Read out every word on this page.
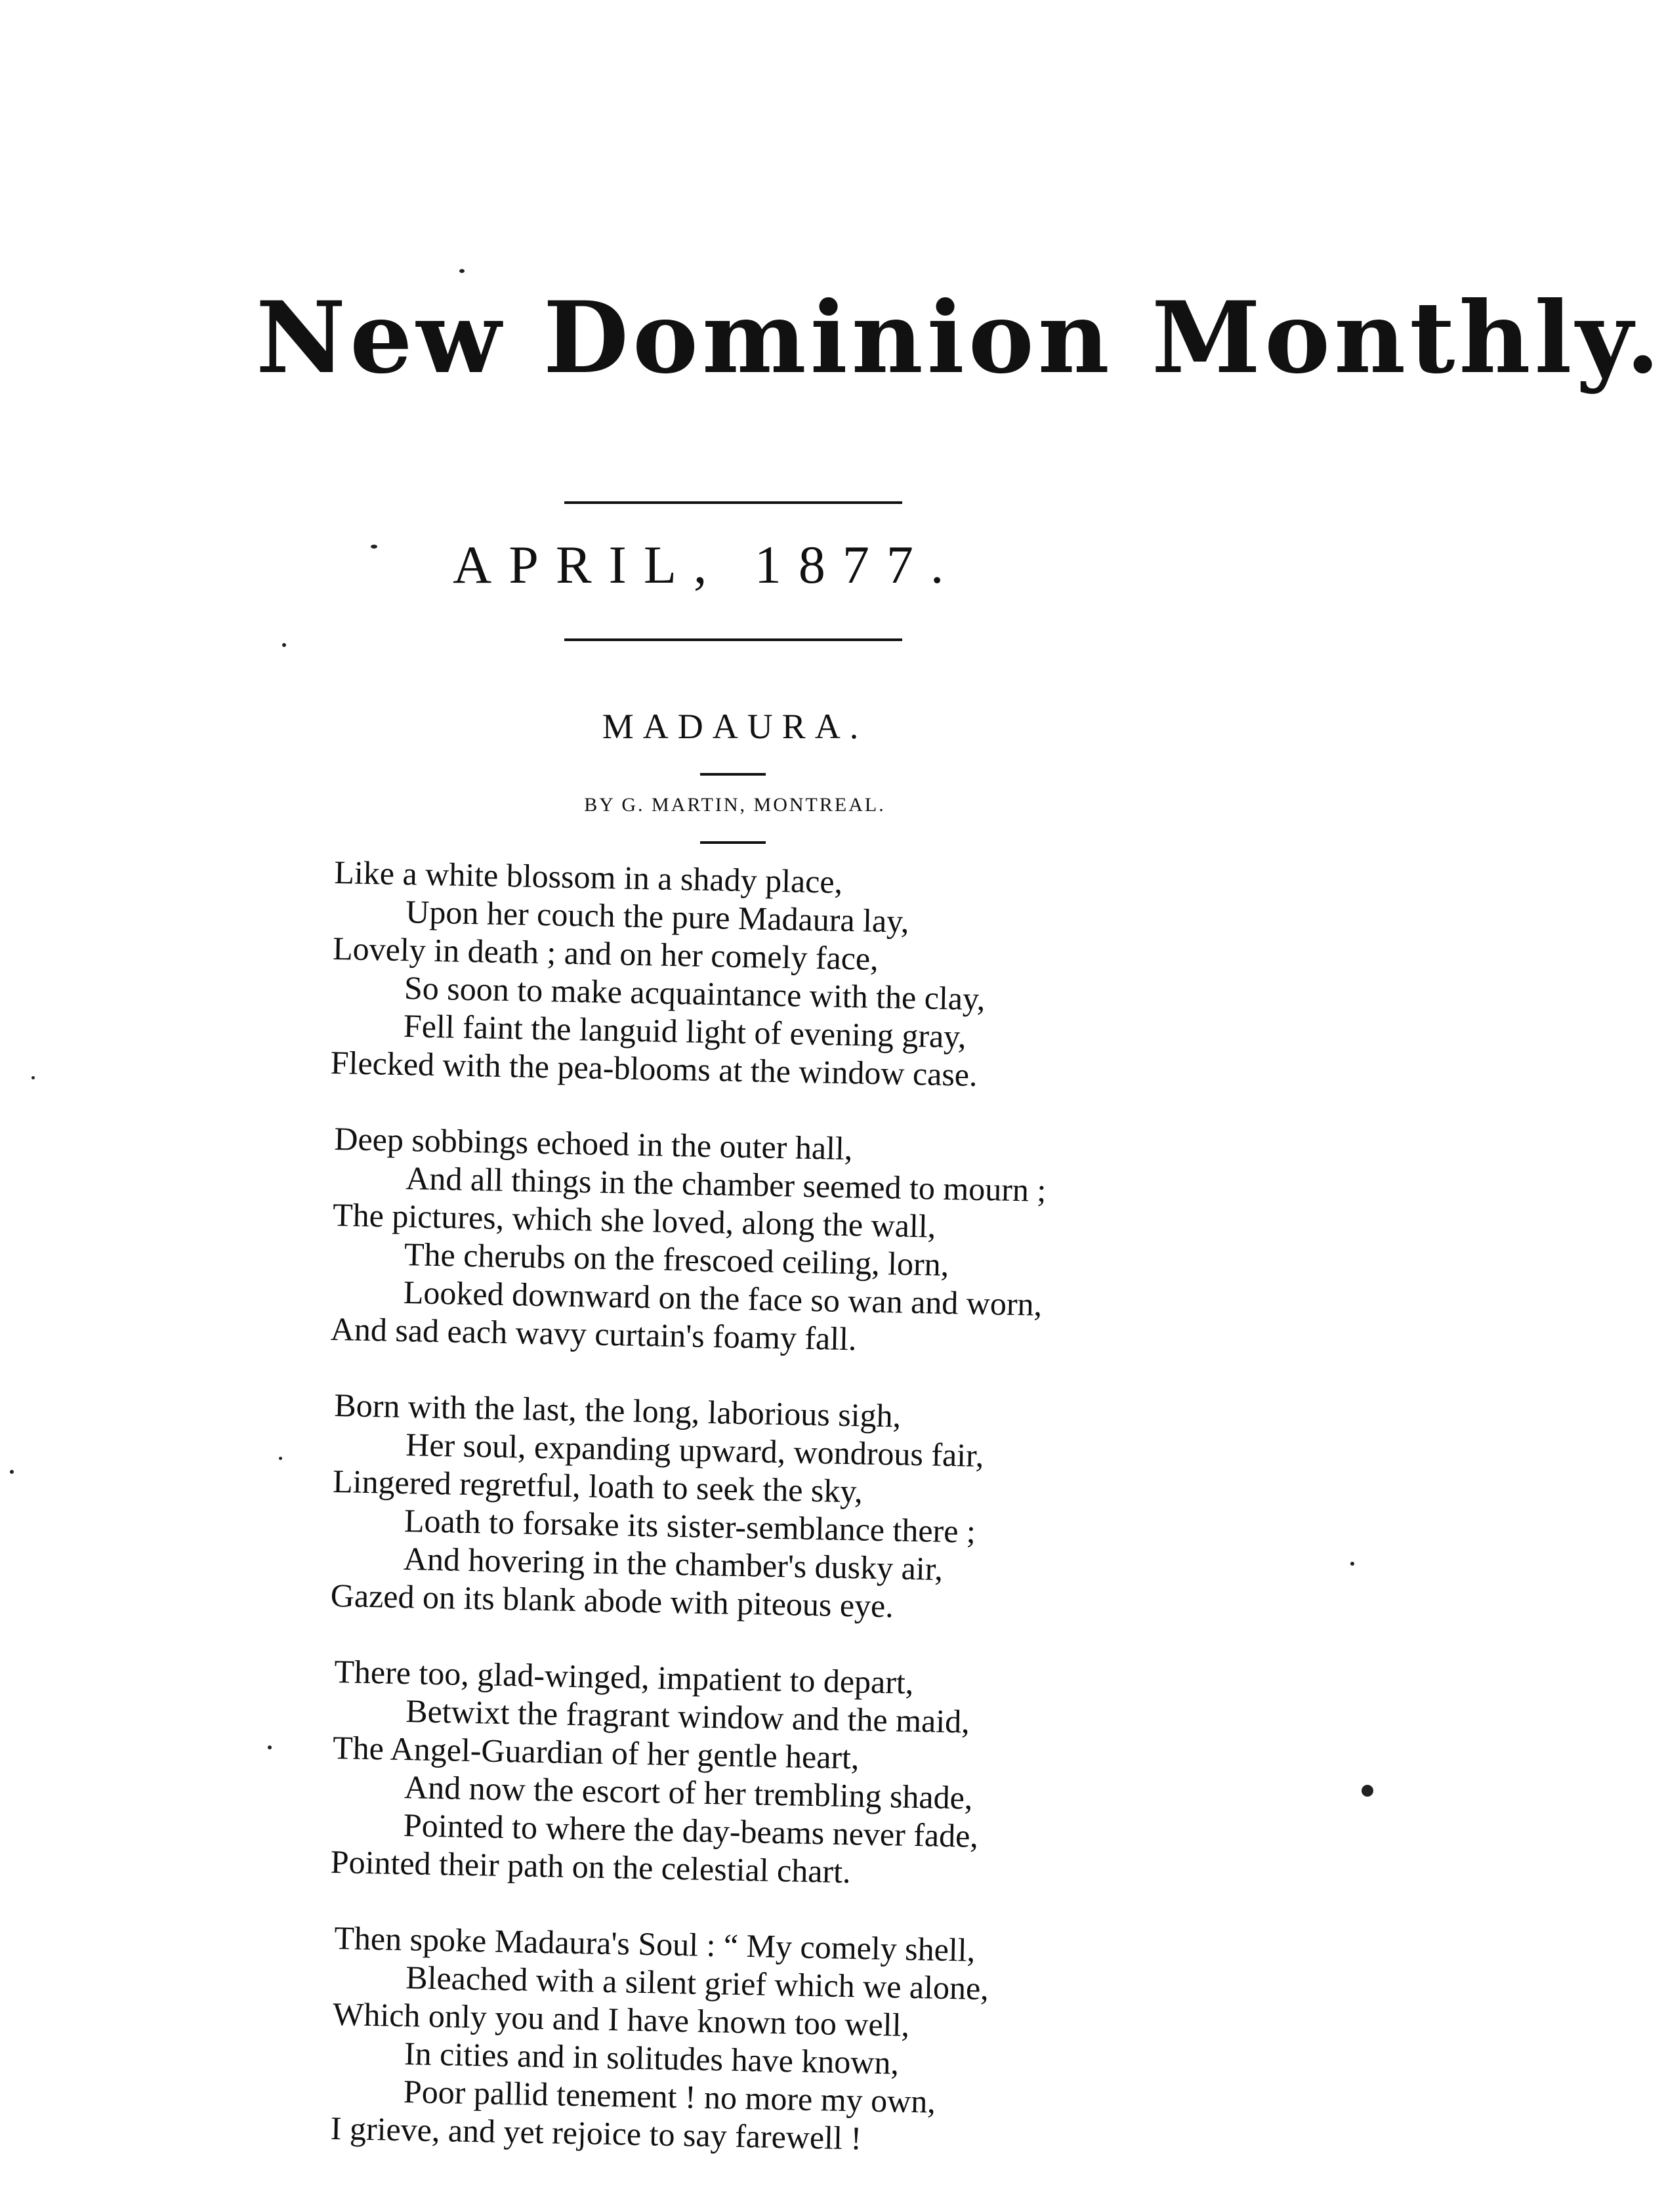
New Dominion Monthly.
APRIL, 1877.
MADAURA.
BY G. MARTIN, MONTREAL.
Like a white blossom in a shady place,
Upon her couch the pure Madaura lay,
Lovely in death ; and on her comely face,
So soon to make acquaintance with the clay,
Fell faint the languid light of evening gray,
Flecked with the pea-blooms at the window case.
Deep sobbings echoed in the outer hall,
And all things in the chamber seemed to mourn ;
The pictures, which she loved, along the wall,
The cherubs on the frescoed ceiling, lorn,
Looked downward on the face so wan and worn,
And sad each wavy curtain's foamy fall.
Born with the last, the long, laborious sigh,
Her soul, expanding upward, wondrous fair,
Lingered regretful, loath to seek the sky,
Loath to forsake its sister-semblance there ;
And hovering in the chamber's dusky air,
Gazed on its blank abode with piteous eye.
There too, glad-winged, impatient to depart,
Betwixt the fragrant window and the maid,
The Angel-Guardian of her gentle heart,
And now the escort of her trembling shade,
Pointed to where the day-beams never fade,
Pointed their path on the celestial chart.
Then spoke Madaura's Soul : “ My comely shell,
Bleached with a silent grief which we alone,
Which only you and I have known too well,
In cities and in solitudes have known,
Poor pallid tenement ! no more my own,
I grieve, and yet rejoice to say farewell !
